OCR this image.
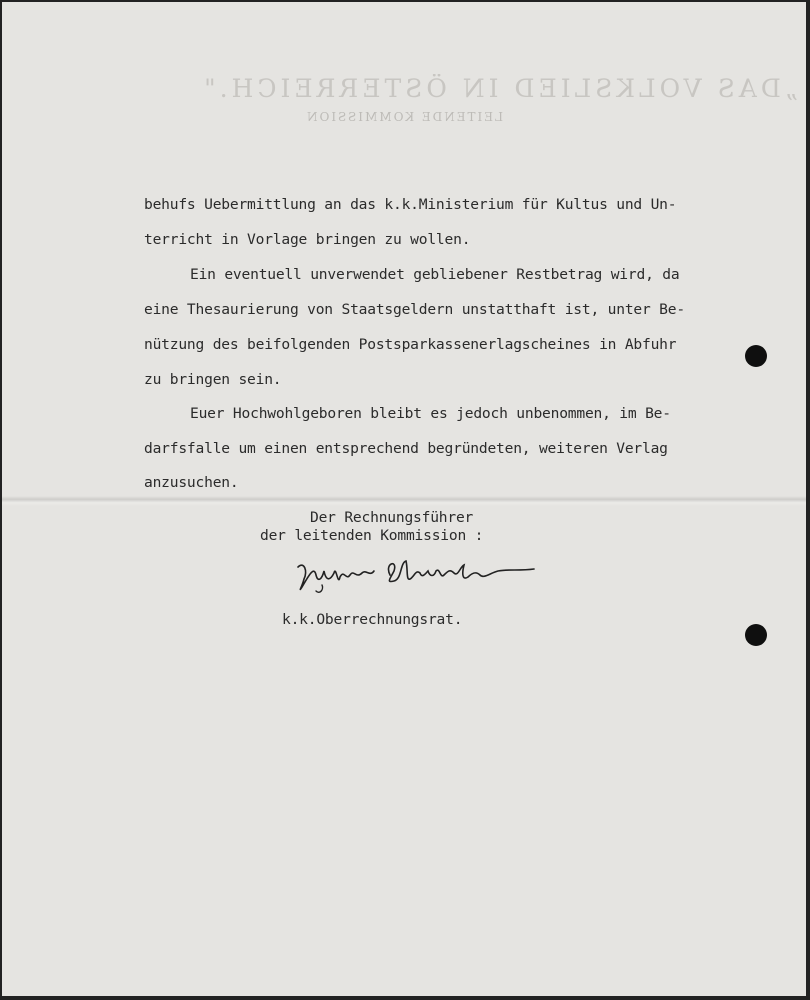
„DAS VOLKSLIED IN ÖSTERREICH."
LEITENDE KOMMISSION
behufs Uebermittlung an das k.k.Ministerium für Kultus und Un-
terricht in Vorlage bringen zu wollen.
Ein eventuell unverwendet gebliebener Restbetrag wird, da
eine Thesaurierung von Staatsgeldern unstatthaft ist, unter Be-
nützung des beifolgenden Postsparkassenerlagscheines in Abfuhr
zu bringen sein.
Euer Hochwohlgeboren bleibt es jedoch unbenommen, im Be-
darfsfalle um einen entsprechend begründeten, weiteren Verlag
anzusuchen.
Der Rechnungsführer
der leitenden Kommission :
k.k.Oberrechnungsrat.
